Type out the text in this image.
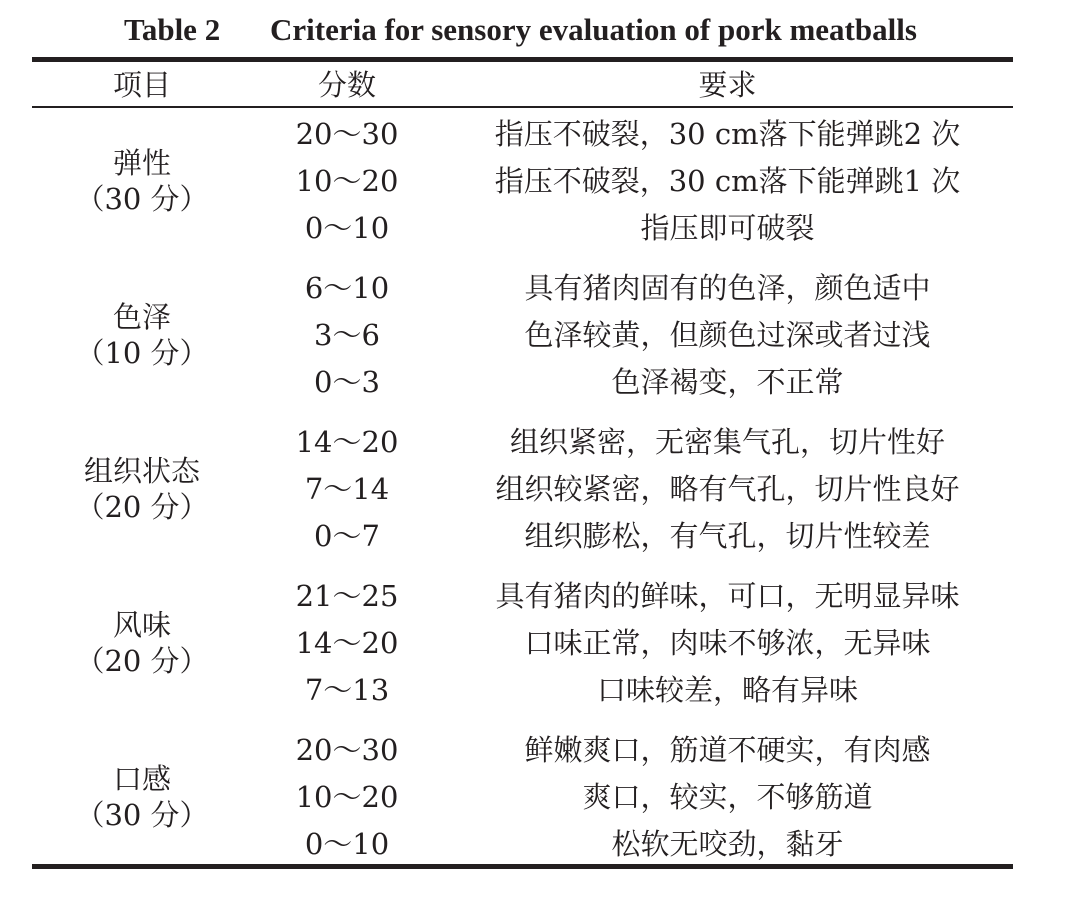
Table 2 Criteria for sensory evaluation of pork meatballs
项目	分数	要求
弹性
（30 分）
20～30	指压不破裂，30 cm落下能弹跳2 次
10～20	指压不破裂，30 cm落下能弹跳1 次
0～10	指压即可破裂
色泽
（10 分）
6～10	具有猪肉固有的色泽，颜色适中
3～6	色泽较黄，但颜色过深或者过浅
0～3	色泽褐变，不正常
组织状态
（20 分）
14～20	组织紧密，无密集气孔，切片性好
7～14	组织较紧密，略有气孔，切片性良好
0～7	组织膨松，有气孔，切片性较差
风味
（20 分）
21～25	具有猪肉的鲜味，可口，无明显异味
14～20	口味正常，肉味不够浓，无异味
7～13	口味较差，略有异味
口感
（30 分）
20～30	鲜嫩爽口，筋道不硬实，有肉感
10～20	爽口，较实，不够筋道
0～10	松软无咬劲，黏牙
